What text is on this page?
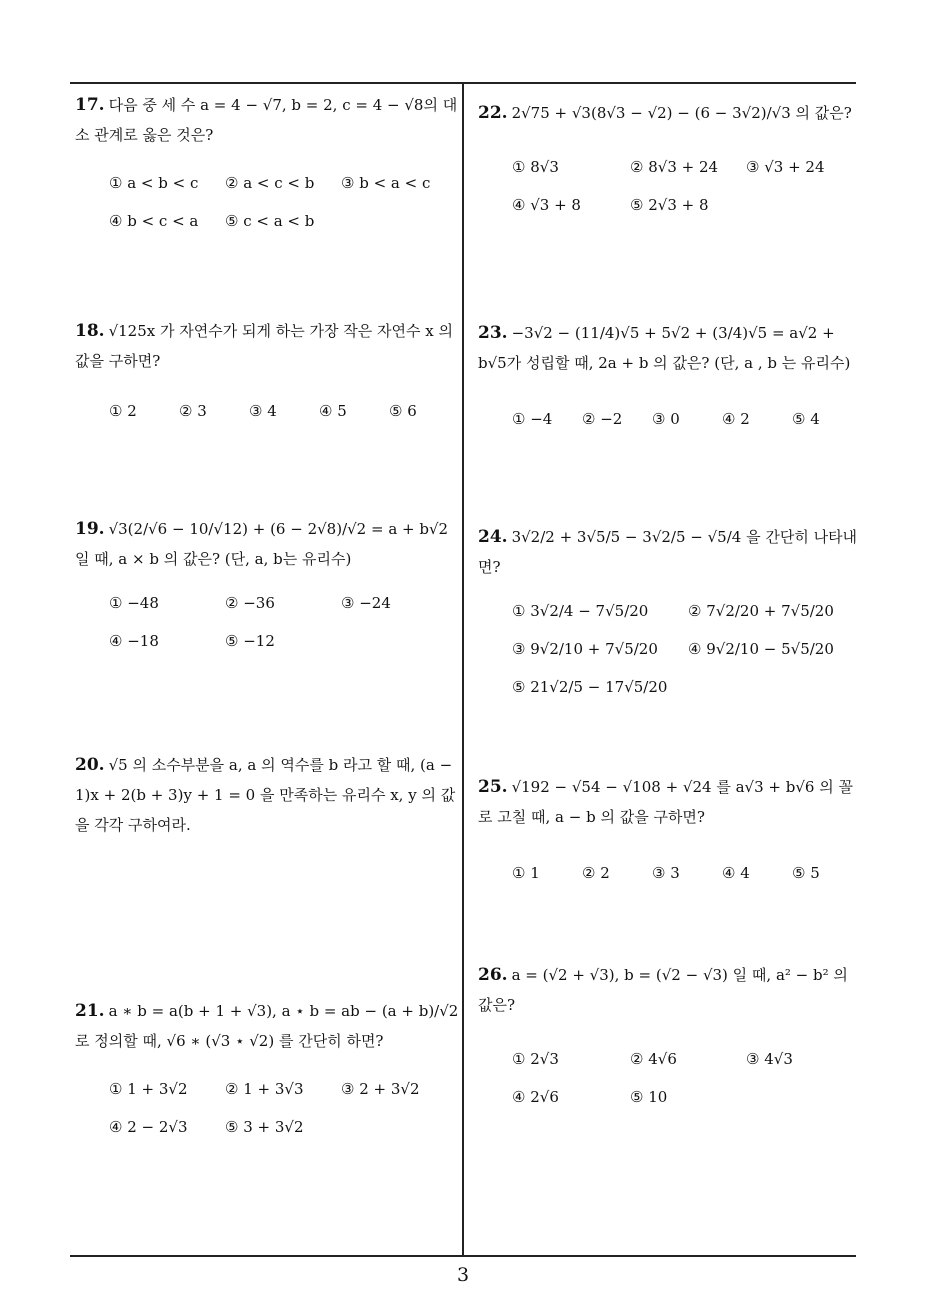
17. 다음 중 세 수 a = 4 − √7, b = 2, c = 4 − √8의 대소 관계로 옳은 것은?
① a < b < c ② a < c < b ③ b < a < c
④ b < c < a ⑤ c < a < b
18. √125x 가 자연수가 되게 하는 가장 작은 자연수 x 의 값을 구하면?
① 2	② 3	③ 4	④ 5	⑤ 6
19. √3(2/√6 − 10/√12) + (6 − 2√8)/√2 = a + b√2 일 때, a × b 의 값은? (단, a, b는 유리수)
① −48	② −36	③ −24
④ −18	⑤ −12
20. √5 의 소수부분을 a, a 의 역수를 b 라고 할 때, (a − 1)x + 2(b + 3)y + 1 = 0 을 만족하는 유리수 x, y 의 값을 각각 구하여라.
21. a ∗ b = a(b + 1 + √3), a ⋆ b = ab − (a + b)/√2 로 정의할 때, √6 ∗ (√3 ⋆ √2) 를 간단히 하면?
① 1 + 3√2 ② 1 + 3√3 ③ 2 + 3√2
④ 2 − 2√3 ⑤ 3 + 3√2
22. 2√75 + √3(8√3 − √2) − (6 − 3√2)/√3 의 값은?
① 8√3	② 8√3 + 24 ③ √3 + 24
④ √3 + 8	⑤ 2√3 + 8
23. −3√2 − (11/4)√5 + 5√2 + (3/4)√5 = a√2 + b√5가 성립할 때, 2a + b 의 값은? (단, a , b 는 유리수)
① −4 ② −2 ③ 0	④ 2	⑤ 4
24. 3√2/2 + 3√5/5 − 3√2/5 − √5/4 을 간단히 나타내면?
① 3√2/4 − 7√5/20	② 7√2/20 + 7√5/20
③ 9√2/10 + 7√5/20 ④ 9√2/10 − 5√5/20
⑤ 21√2/5 − 17√5/20
25. √192 − √54 − √108 + √24 를 a√3 + b√6 의 꼴로 고칠 때, a − b 의 값을 구하면?
① 1	② 2	③ 3	④ 4	⑤ 5
26. a = (√2 + √3), b = (√2 − √3) 일 때, a² − b² 의 값은?
① 2√3	② 4√6	③ 4√3
④ 2√6	⑤ 10
3
